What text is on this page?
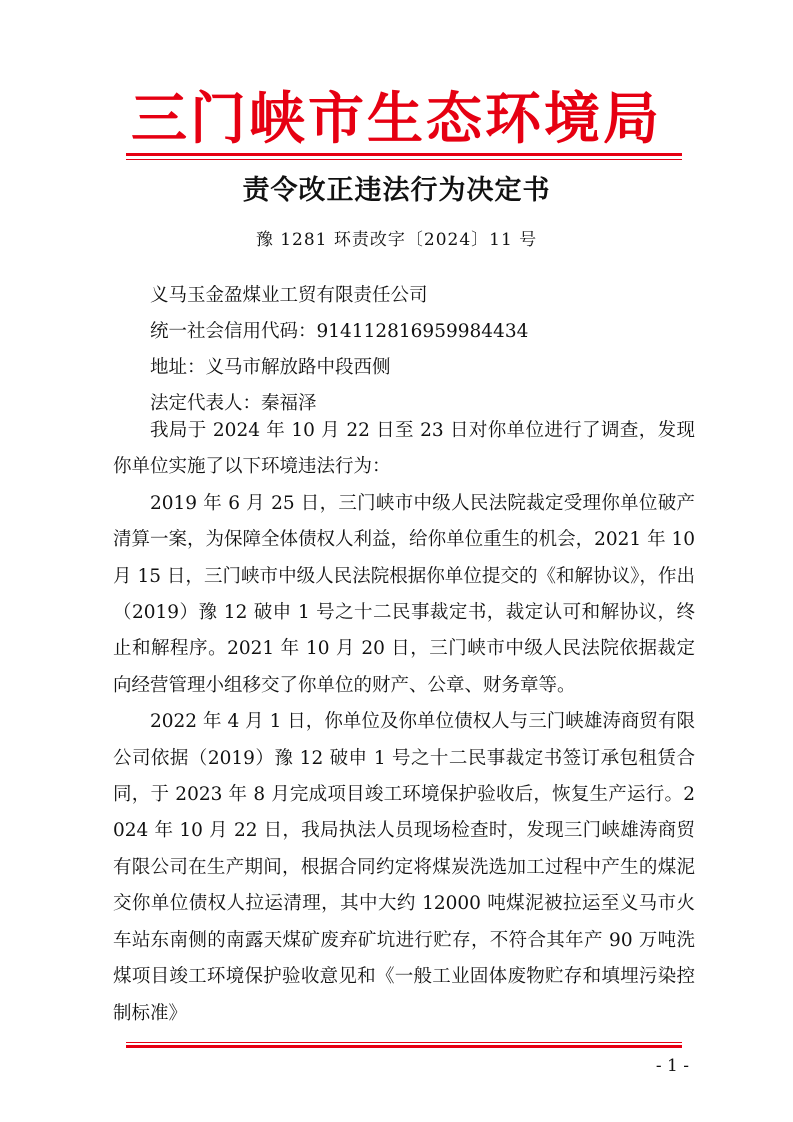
三门峡市生态环境局
责令改正违法行为决定书
豫 1281 环责改字〔2024〕11 号
义马玉金盈煤业工贸有限责任公司
统一社会信用代码：914112816959984434
地址：义马市解放路中段西侧
法定代表人：秦福泽

我局于 2024 年 10 月 22 日至 23 日对你单位进行了调查，发现你单位实施了以下环境违法行为：

2019 年 6 月 25 日，三门峡市中级人民法院裁定受理你单位破产清算一案，为保障全体债权人利益，给你单位重生的机会，2021 年 10 月 15 日，三门峡市中级人民法院根据你单位提交的《和解协议》，作出（2019）豫 12 破申 1 号之十二民事裁定书，裁定认可和解协议，终止和解程序。2021 年 10 月 20 日，三门峡市中级人民法院依据裁定向经营管理小组移交了你单位的财产、公章、财务章等。

2022 年 4 月 1 日，你单位及你单位债权人与三门峡雄涛商贸有限公司依据（2019）豫 12 破申 1 号之十二民事裁定书签订承包租赁合同，于 2023 年 8 月完成项目竣工环境保护验收后，恢复生产运行。2024 年 10 月 22 日，我局执法人员现场检查时，发现三门峡雄涛商贸有限公司在生产期间，根据合同约定将煤炭洗选加工过程中产生的煤泥交你单位债权人拉运清理，其中大约 12000 吨煤泥被拉运至义马市火车站东南侧的南露天煤矿废弃矿坑进行贮存，不符合其年产 90 万吨洗煤项目竣工环境保护验收意见和《一般工业固体废物贮存和填埋污染控制标准》

- 1 -
